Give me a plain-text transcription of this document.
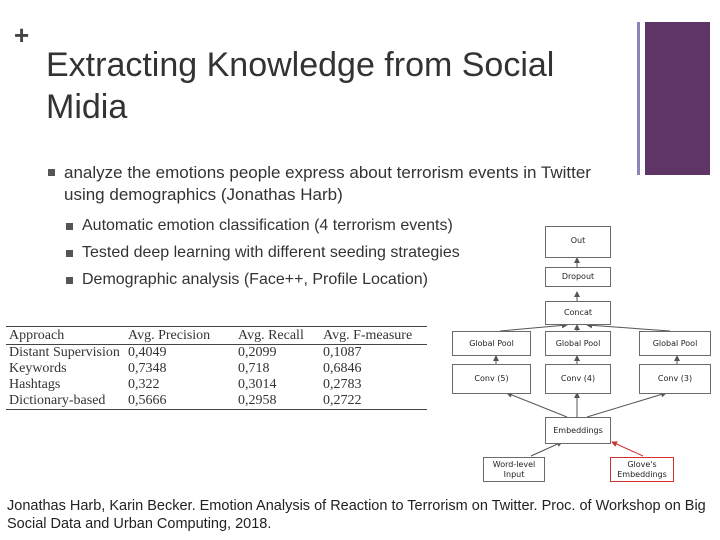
+
Extracting Knowledge from Social Midia
analyze the emotions people express about terrorism events in Twitter using demographics (Jonathas Harb)
Automatic emotion classification (4 terrorism events)
Tested deep learning with different seeding strategies
Demographic analysis (Face++, Profile Location)
Approach	Avg. Precision	Avg. Recall	Avg. F-measure
Distant Supervision	0,4049	0,2099	0,1087
Keywords	0,7348	0,718	0,6846
Hashtags	0,322	0,3014	0,2783
Dictionary-based	0,5666	0,2958	0,2722
Out
Dropout
Concat
Global Pool	Global Pool	Global Pool
Conv (5)	Conv (4)	Conv (3)
Embeddings
Word-level Input
Glove's Embeddings
Jonathas Harb, Karin Becker. Emotion Analysis of Reaction to Terrorism on Twitter. Proc. of Workshop on Big Social Data and Urban Computing, 2018.
